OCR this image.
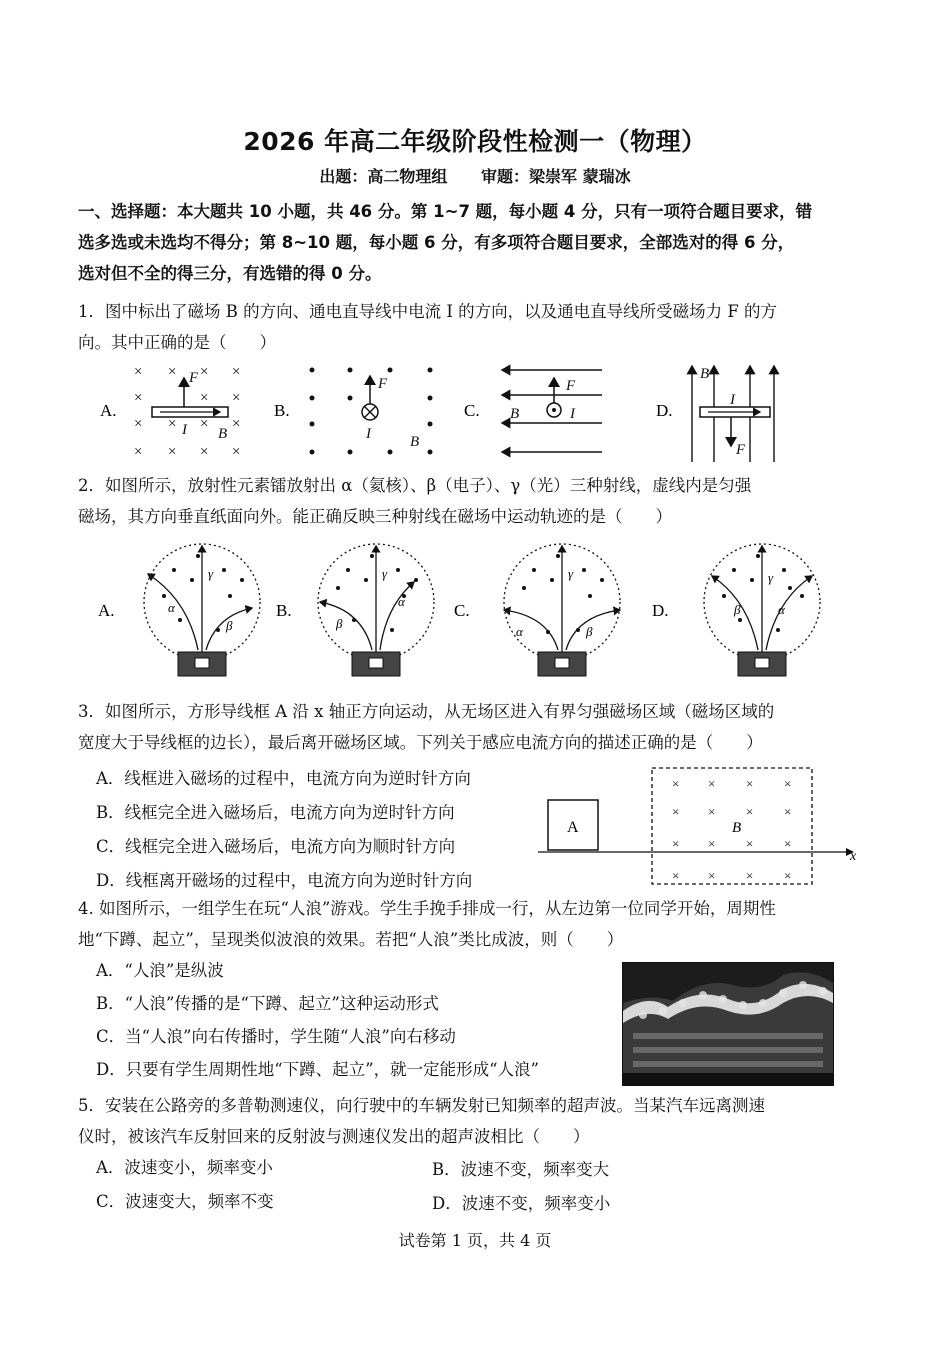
2026 年高二年级阶段性检测一（物理）
出题：高二物理组 审题：梁崇军 蒙瑞冰
一、选择题：本大题共 10 小题，共 46 分。第 1~7 题，每小题 4 分，只有一项符合题目要求，错
选多选或未选均不得分；第 8~10 题，每小题 6 分，有多项符合题目要求，全部选对的得 6 分，
选对但不全的得三分，有选错的得 0 分。
1．图中标出了磁场 B 的方向、通电直导线中电流 I 的方向，以及通电直导线所受磁场力 F 的方
向。其中正确的是（　　）
A.
× × × ×
×	× ×
× × × ×
× × × ×
F
I B
B.
F
I	B
C.
F
B	I	D.
B
I
F
2．如图所示，放射性元素镭放射出 α（氦核）、β（电子）、γ（光）三种射线，虚线内是匀强
磁场，其方向垂直纸面向外。能正确反映三种射线在磁场中运动轨迹的是（　　）
A.
γ
α
β
B.
γ
β
α	C.
γ
α	β
D.
γ
β	α
3．如图所示，方形导线框 A 沿 x 轴正方向运动，从无场区进入有界匀强磁场区域（磁场区域的
宽度大于导线框的边长），最后离开磁场区域。下列关于感应电流方向的描述正确的是（　　）
A．线框进入磁场的过程中，电流方向为逆时针方向
B．线框完全进入磁场后，电流方向为逆时针方向
C．线框完全进入磁场后，电流方向为顺时针方向
D．线框离开磁场的过程中，电流方向为逆时针方向
A
× × × ×
× × × ×
× × × ×
× × × ×
B
x
4. 如图所示，一组学生在玩“人浪”游戏。学生手挽手排成一行，从左边第一位同学开始，周期性
地“下蹲、起立”，呈现类似波浪的效果。若把“人浪”类比成波，则（　　）
A．“人浪”是纵波
B．“人浪”传播的是“下蹲、起立”这种运动形式
C．当“人浪”向右传播时，学生随“人浪”向右移动
D．只要有学生周期性地“下蹲、起立”，就一定能形成“人浪”
5．安装在公路旁的多普勒测速仪，向行驶中的车辆发射已知频率的超声波。当某汽车远离测速
仪时，被该汽车反射回来的反射波与测速仪发出的超声波相比（　　）
A．波速变小，频率变小	B．波速不变，频率变大
C．波速变大，频率不变	D．波速不变，频率变小
试卷第 1 页，共 4 页
